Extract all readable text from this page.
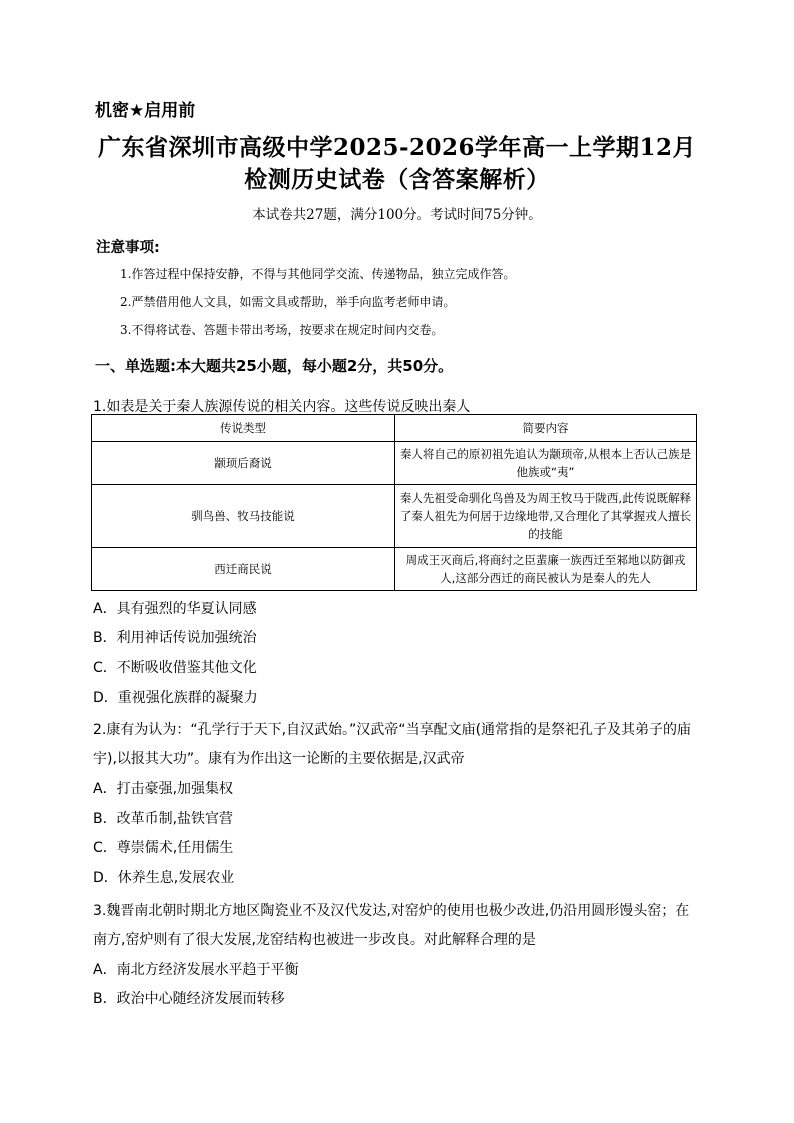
机密★启用前
广东省深圳市高级中学2025-2026学年高一上学期12月
检测历史试卷（含答案解析）
本试卷共27题，满分100分。考试时间75分钟。
注意事项:
1.作答过程中保持安静，不得与其他同学交流、传递物品，独立完成作答。
2.严禁借用他人文具，如需文具或帮助，举手向监考老师申请。
3.不得将试卷、答题卡带出考场，按要求在规定时间内交卷。
一、单选题:本大题共25小题，每小题2分，共50分。
1.如表是关于秦人族源传说的相关内容。这些传说反映出秦人
传说类型	简要内容
颛顼后裔说	秦人将自己的原初祖先追认为颛顼帝,从根本上否认己族是他族或“夷”
驯鸟兽、牧马技能说	秦人先祖受命驯化鸟兽及为周王牧马于陇西,此传说既解释了秦人祖先为何居于边缘地带,又合理化了其掌握戎人擅长的技能
西迁商民说	周成王灭商后,将商纣之臣蜚廉一族西迁至邾地以防御戎人,这部分西迁的商民被认为是秦人的先人
A．具有强烈的华夏认同感
B．利用神话传说加强统治
C．不断吸收借鉴其他文化
D．重视强化族群的凝聚力
2.康有为认为：“孔学行于天下,自汉武始。”汉武帝“当享配文庙(通常指的是祭祀孔子及其弟子的庙
宇),以报其大功”。康有为作出这一论断的主要依据是,汉武帝
A．打击豪强,加强集权
B．改革币制,盐铁官营
C．尊崇儒术,任用儒生
D．休养生息,发展农业
3.魏晋南北朝时期北方地区陶瓷业不及汉代发达,对窑炉的使用也极少改进,仍沿用圆形馒头窑；在
南方,窑炉则有了很大发展,龙窑结构也被进一步改良。对此解释合理的是
A．南北方经济发展水平趋于平衡
B．政治中心随经济发展而转移
